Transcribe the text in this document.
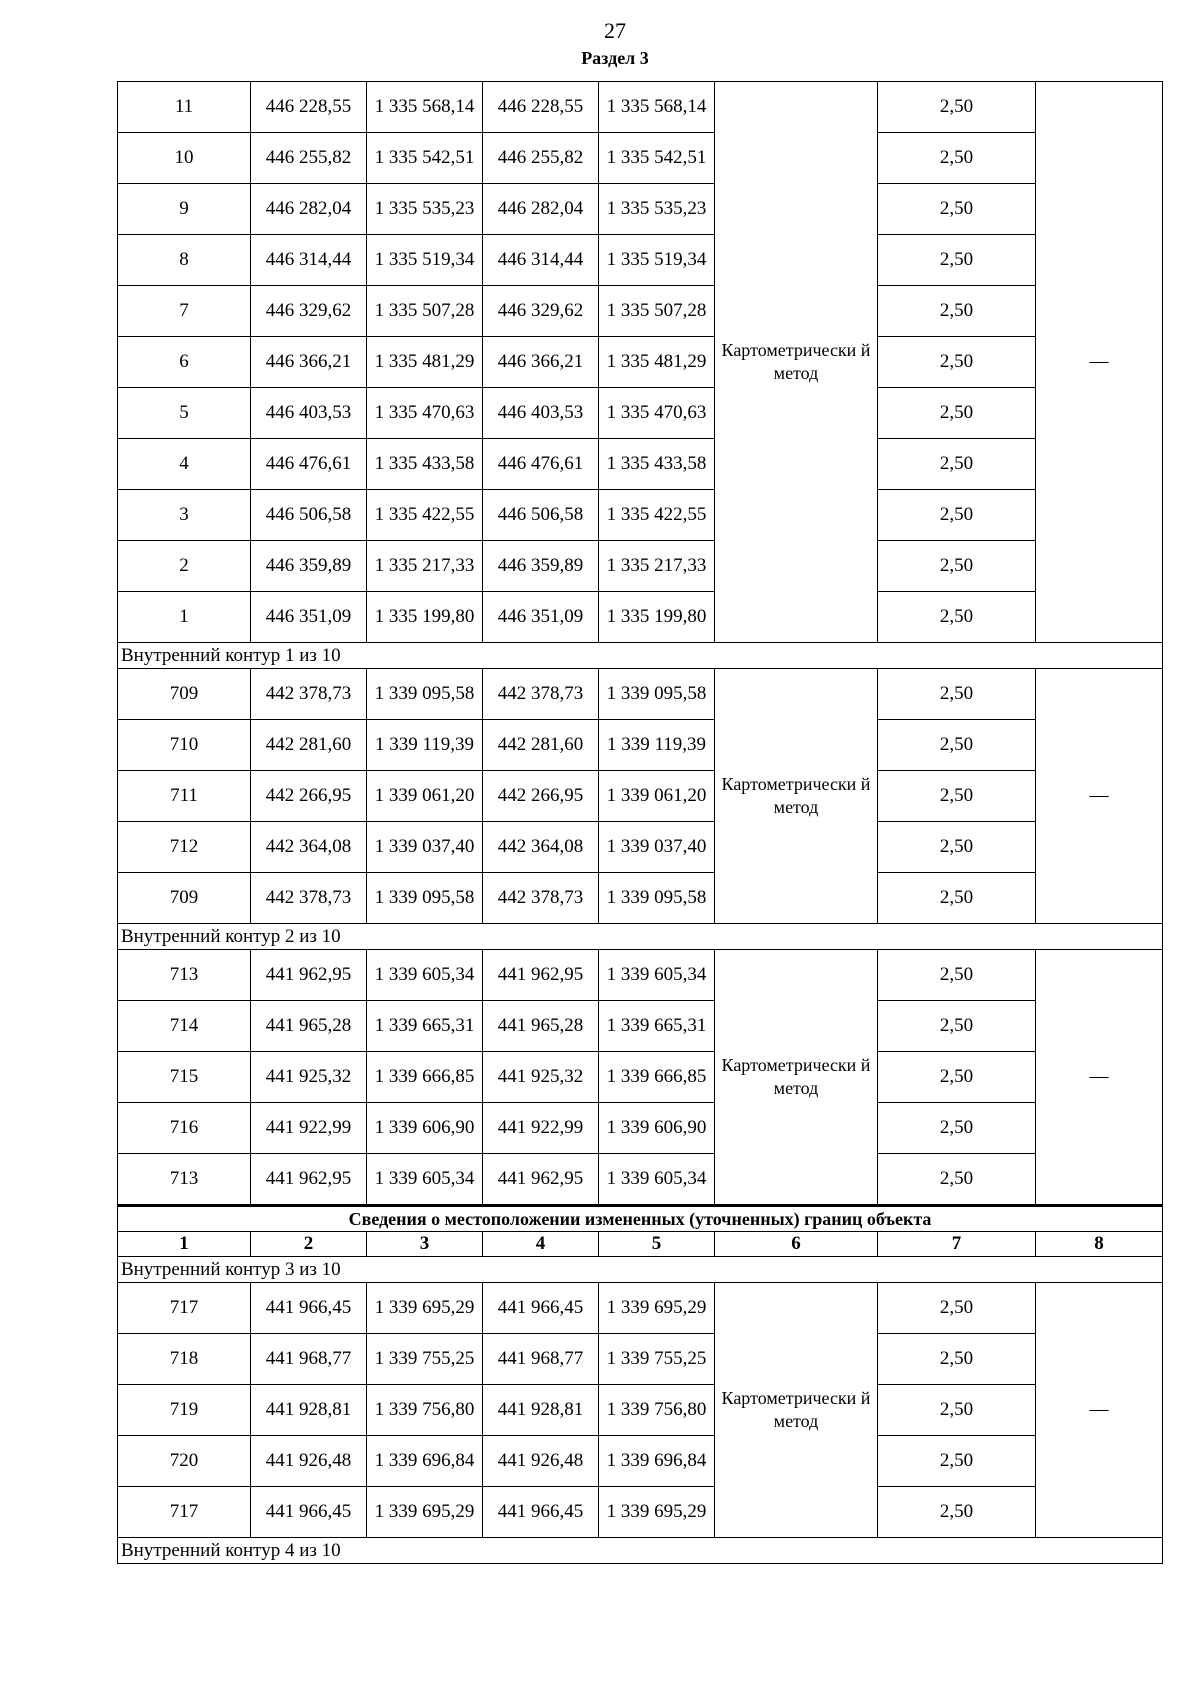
27
Раздел 3
11	446 228,55	1 335 568,14	446 228,55	1 335 568,14	Картометрически й метод	2,50	—
10	446 255,82	1 335 542,51	446 255,82	1 335 542,51		2,50	
9	446 282,04	1 335 535,23	446 282,04	1 335 535,23		2,50	
8	446 314,44	1 335 519,34	446 314,44	1 335 519,34		2,50	
7	446 329,62	1 335 507,28	446 329,62	1 335 507,28		2,50	
6	446 366,21	1 335 481,29	446 366,21	1 335 481,29		2,50	
5	446 403,53	1 335 470,63	446 403,53	1 335 470,63		2,50	
4	446 476,61	1 335 433,58	446 476,61	1 335 433,58		2,50	
3	446 506,58	1 335 422,55	446 506,58	1 335 422,55		2,50	
2	446 359,89	1 335 217,33	446 359,89	1 335 217,33		2,50	
1	446 351,09	1 335 199,80	446 351,09	1 335 199,80		2,50	
Внутренний контур 1 из 10							
709	442 378,73	1 339 095,58	442 378,73	1 339 095,58	Картометрически й метод	2,50	—
710	442 281,60	1 339 119,39	442 281,60	1 339 119,39		2,50	
711	442 266,95	1 339 061,20	442 266,95	1 339 061,20		2,50	
712	442 364,08	1 339 037,40	442 364,08	1 339 037,40		2,50	
709	442 378,73	1 339 095,58	442 378,73	1 339 095,58		2,50	
Внутренний контур 2 из 10							
713	441 962,95	1 339 605,34	441 962,95	1 339 605,34	Картометрически й метод	2,50	—
714	441 965,28	1 339 665,31	441 965,28	1 339 665,31		2,50	
715	441 925,32	1 339 666,85	441 925,32	1 339 666,85		2,50	
716	441 922,99	1 339 606,90	441 922,99	1 339 606,90		2,50	
713	441 962,95	1 339 605,34	441 962,95	1 339 605,34		2,50	
Сведения о местоположении измененных (уточненных) границ объекта							
1	2	3	4	5	6	7	8
Внутренний контур 3 из 10							
717	441 966,45	1 339 695,29	441 966,45	1 339 695,29	Картометрически й метод	2,50	—
718	441 968,77	1 339 755,25	441 968,77	1 339 755,25		2,50	
719	441 928,81	1 339 756,80	441 928,81	1 339 756,80		2,50	
720	441 926,48	1 339 696,84	441 926,48	1 339 696,84		2,50	
717	441 966,45	1 339 695,29	441 966,45	1 339 695,29		2,50	
Внутренний контур 4 из 10							
